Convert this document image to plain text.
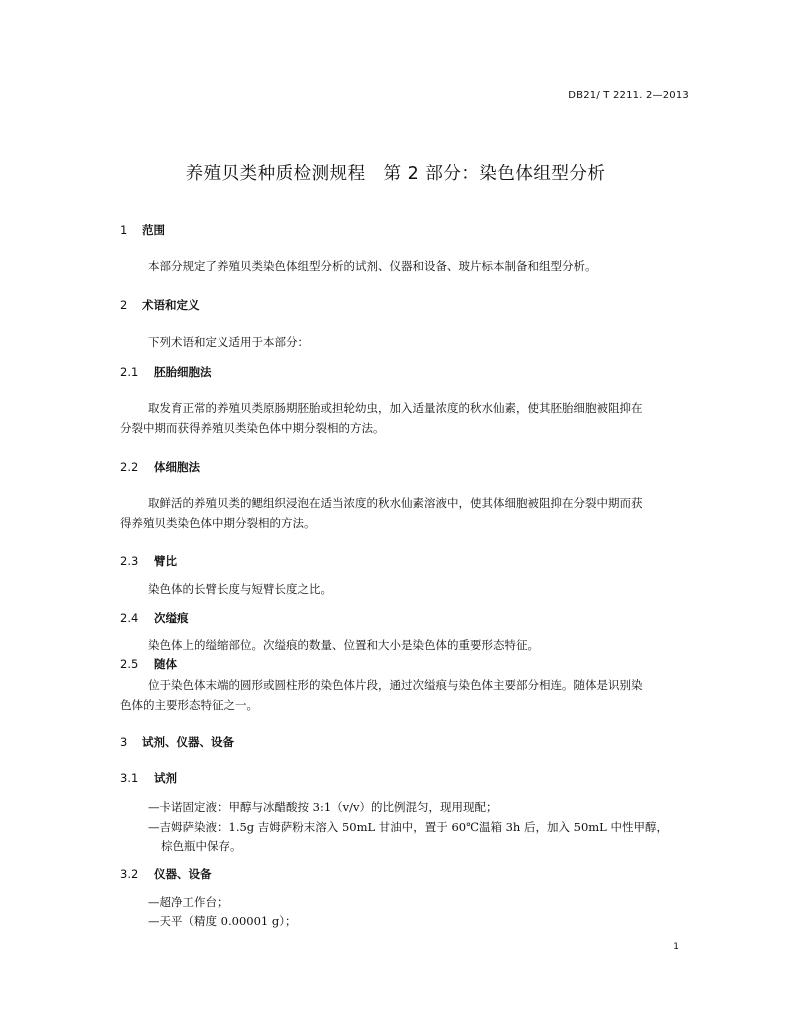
DB21/ T 2211. 2—2013
养殖贝类种质检测规程　第 2 部分：染色体组型分析
1 范围
本部分规定了养殖贝类染色体组型分析的试剂、仪器和设备、玻片标本制备和组型分析。
2 术语和定义
下列术语和定义适用于本部分：
2.1 胚胎细胞法
取发育正常的养殖贝类原肠期胚胎或担轮幼虫，加入适量浓度的秋水仙素，使其胚胎细胞被阻抑在
分裂中期而获得养殖贝类染色体中期分裂相的方法。
2.2 体细胞法
取鲜活的养殖贝类的鳃组织浸泡在适当浓度的秋水仙素溶液中，使其体细胞被阻抑在分裂中期而获
得养殖贝类染色体中期分裂相的方法。
2.3 臂比
染色体的长臂长度与短臂长度之比。
2.4 次缢痕
染色体上的缢缩部位。次缢痕的数量、位置和大小是染色体的重要形态特征。
2.5 随体
位于染色体末端的圆形或圆柱形的染色体片段，通过次缢痕与染色体主要部分相连。随体是识别染
色体的主要形态特征之一。
3 试剂、仪器、设备
3.1 试剂
—卡诺固定液：甲醇与冰醋酸按 3:1（v/v）的比例混匀，现用现配；
—吉姆萨染液：1.5g 吉姆萨粉末溶入 50mL 甘油中，置于 60℃温箱 3h 后，加入 50mL 中性甲醇，
棕色瓶中保存。
3.2 仪器、设备
—超净工作台；
—天平（精度 0.00001 g）；
1
